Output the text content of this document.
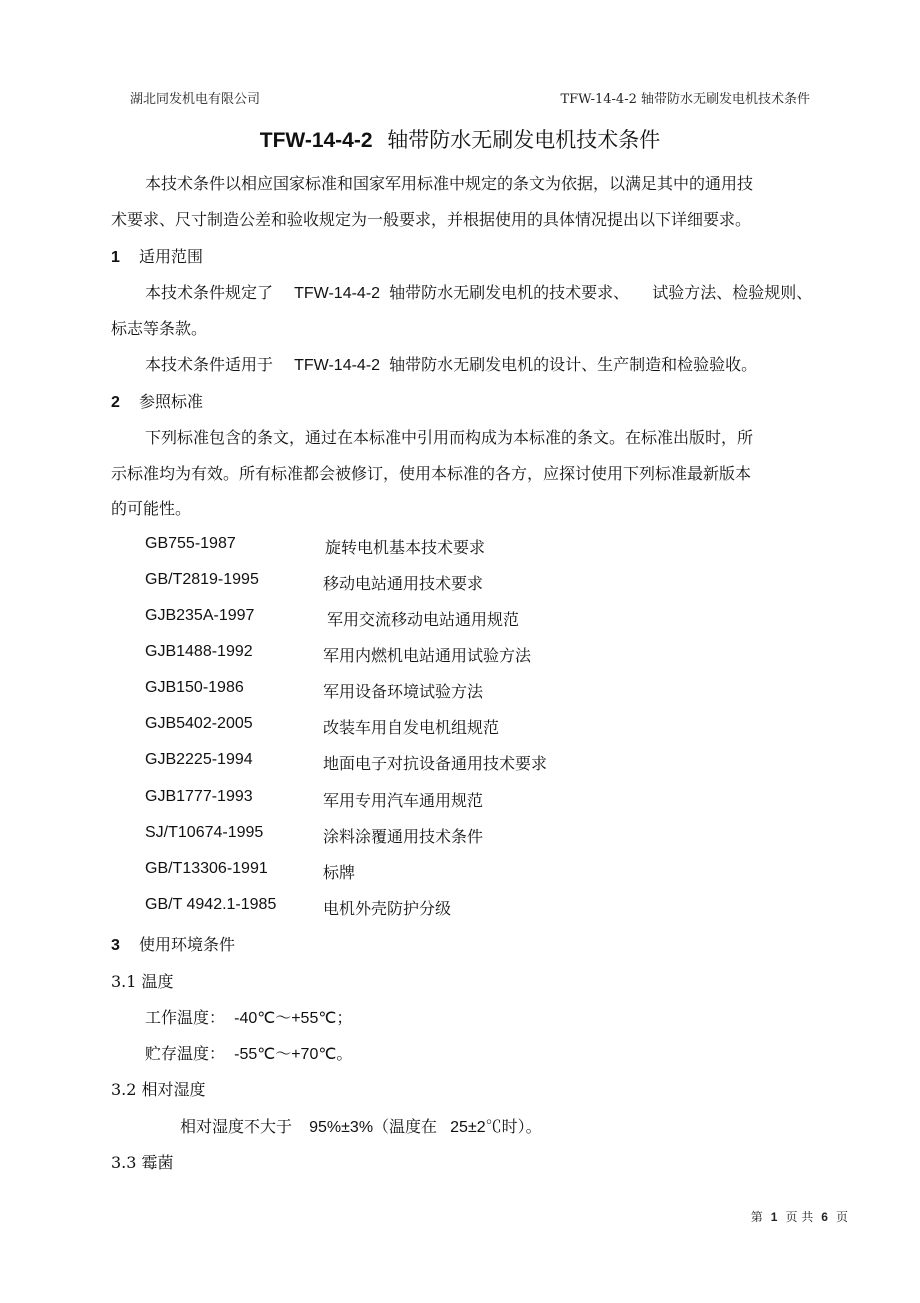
湖北同发机电有限公司	TFW-14-4-2 轴带防水无刷发电机技术条件
TFW-14-4-2 轴带防水无刷发电机技术条件
本技术条件以相应国家标准和国家军用标准中规定的条文为依据，以满足其中的通用技
术要求、尺寸制造公差和验收规定为一般要求，并根据使用的具体情况提出以下详细要求。
1 适用范围
本技术条件规定了 TFW-14-4-2 轴带防水无刷发电机的技术要求、 试验方法、检验规则、
标志等条款。
本技术条件适用于 TFW-14-4-2 轴带防水无刷发电机的设计、生产制造和检验验收。
2 参照标准
下列标准包含的条文，通过在本标准中引用而构成为本标准的条文。在标准出版时，所
示标准均为有效。所有标准都会被修订，使用本标准的各方，应探讨使用下列标准最新版本
的可能性。
GB755-1987	旋转电机基本技术要求
GB/T2819-1995	移动电站通用技术要求
GJB235A-1997	军用交流移动电站通用规范
GJB1488-1992	军用内燃机电站通用试验方法
GJB150-1986	军用设备环境试验方法
GJB5402-2005	改装车用自发电机组规范
GJB2225-1994	地面电子对抗设备通用技术要求
GJB1777-1993	军用专用汽车通用规范
SJ/T10674-1995	涂料涂覆通用技术条件
GB/T13306-1991	标牌
GB/T 4942.1-1985	电机外壳防护分级
3 使用环境条件
3.1 温度
工作温度： -40℃～+55℃；
贮存温度： -55℃～+70℃。
3.2 相对湿度
相对湿度不大于 95%±3%（温度在 25±2℃时）。
3.3 霉菌
第 1 页 共 6 页
